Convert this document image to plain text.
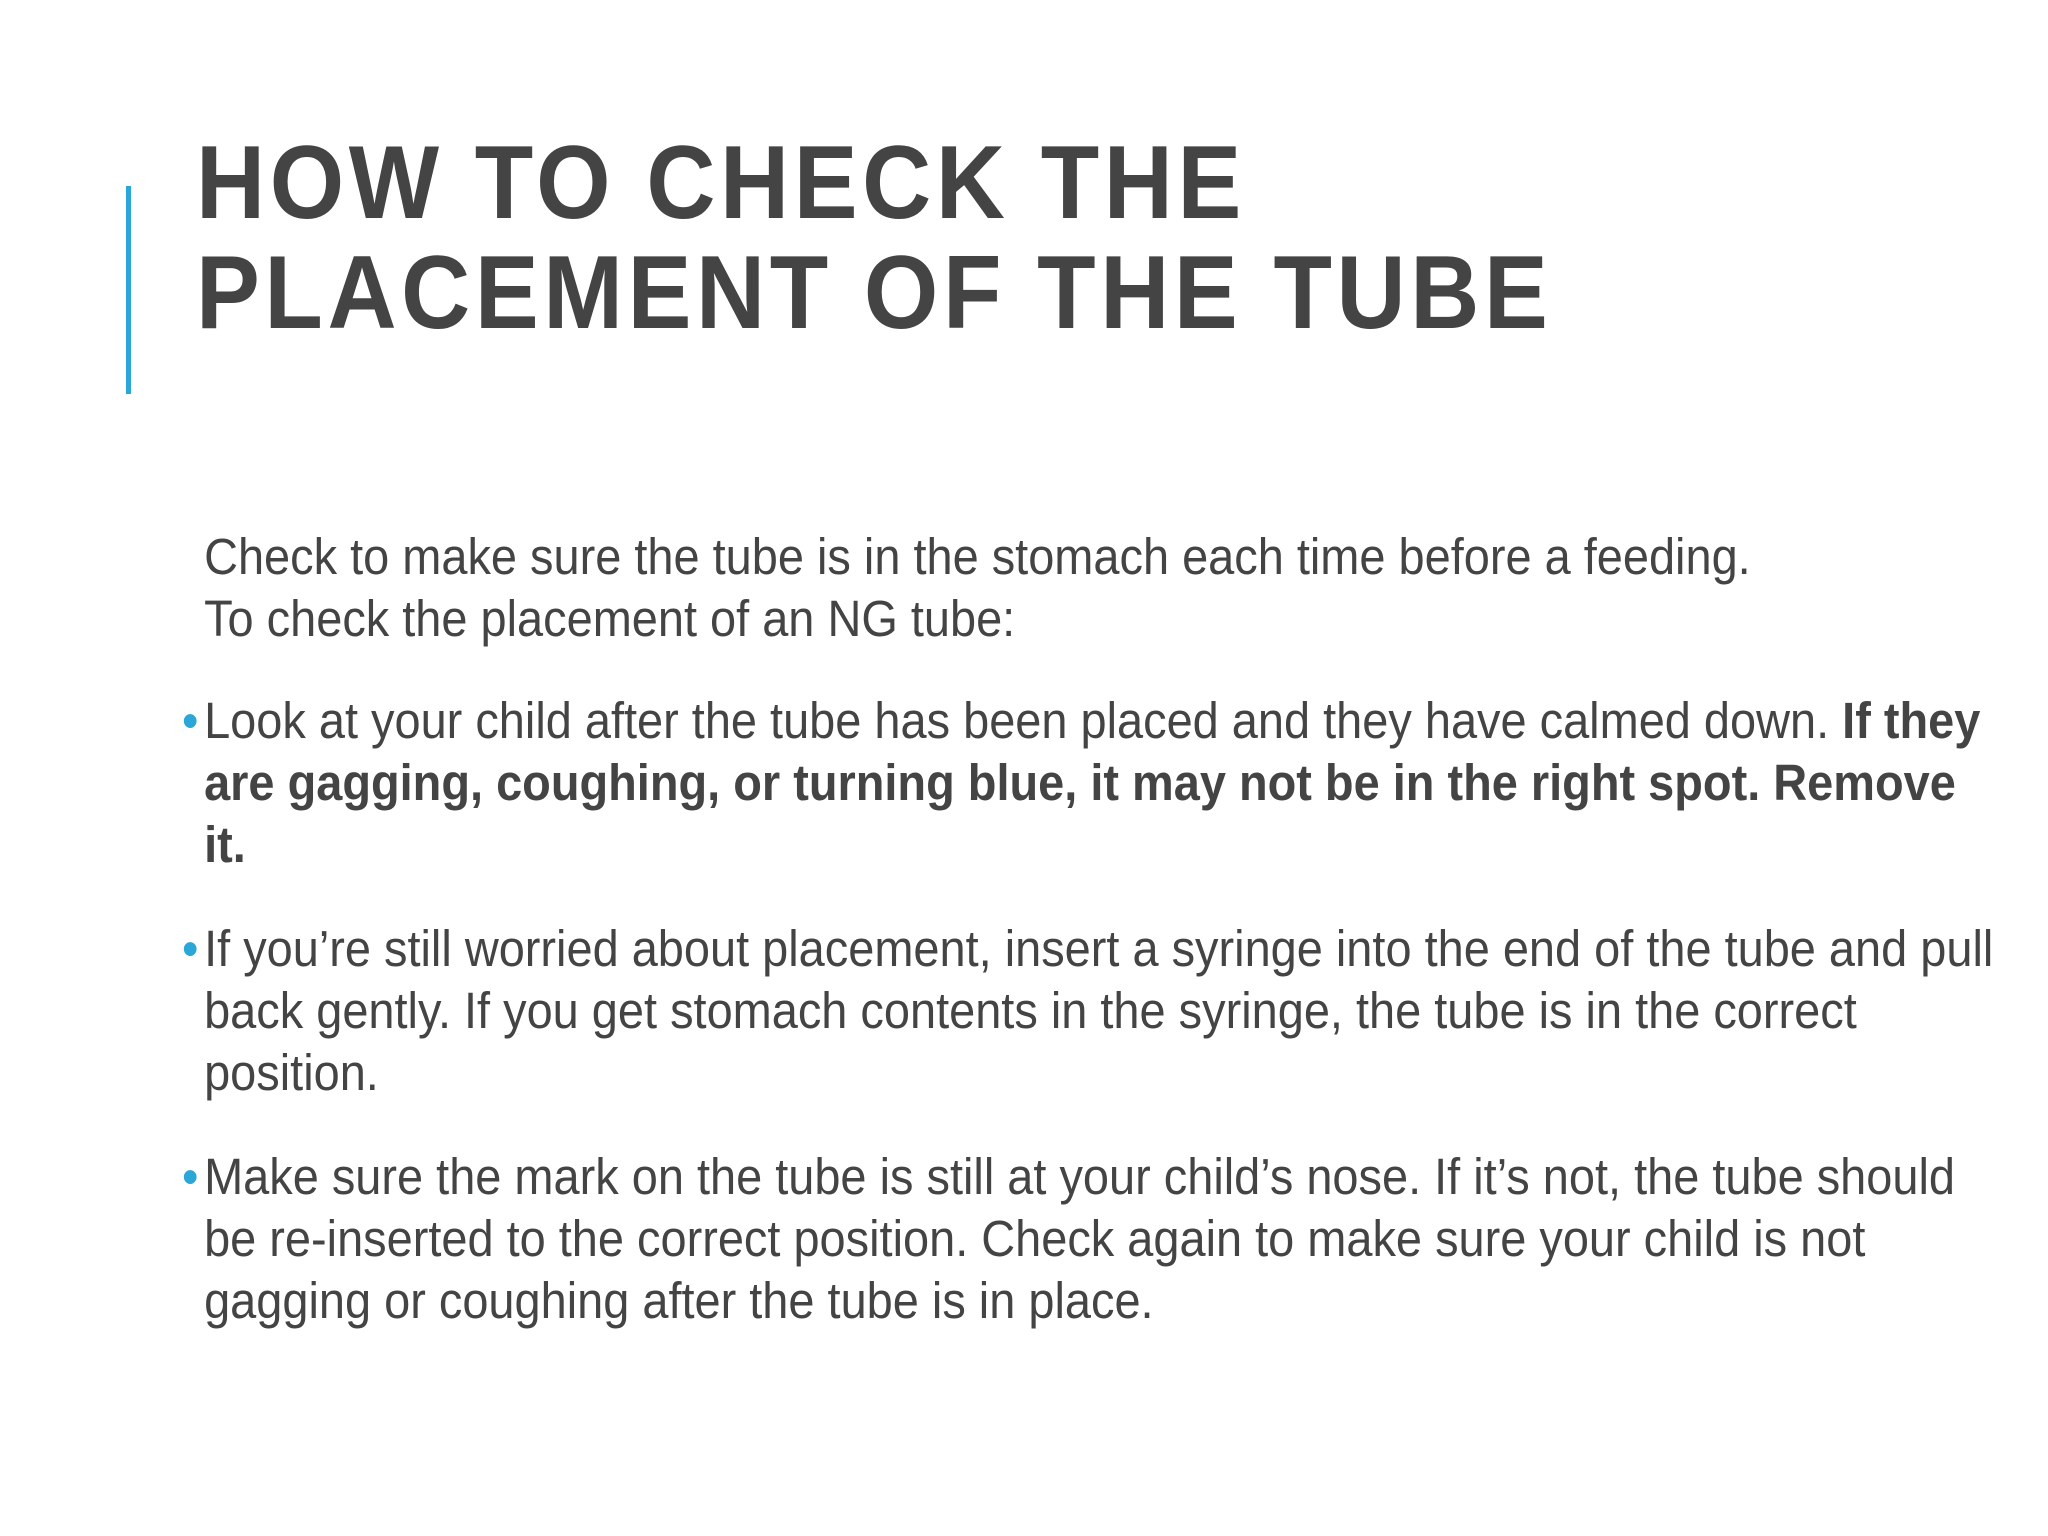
HOW TO CHECK THE
PLACEMENT OF THE TUBE

Check to make sure the tube is in the stomach each time before a feeding.
To check the placement of an NG tube:

• Look at your child after the tube has been placed and they have calmed down. If they are gagging, coughing, or turning blue, it may not be in the right spot. Remove it.

• If you’re still worried about placement, insert a syringe into the end of the tube and pull back gently. If you get stomach contents in the syringe, the tube is in the correct position.

• Make sure the mark on the tube is still at your child’s nose. If it’s not, the tube should be re-inserted to the correct position. Check again to make sure your child is not gagging or coughing after the tube is in place.
